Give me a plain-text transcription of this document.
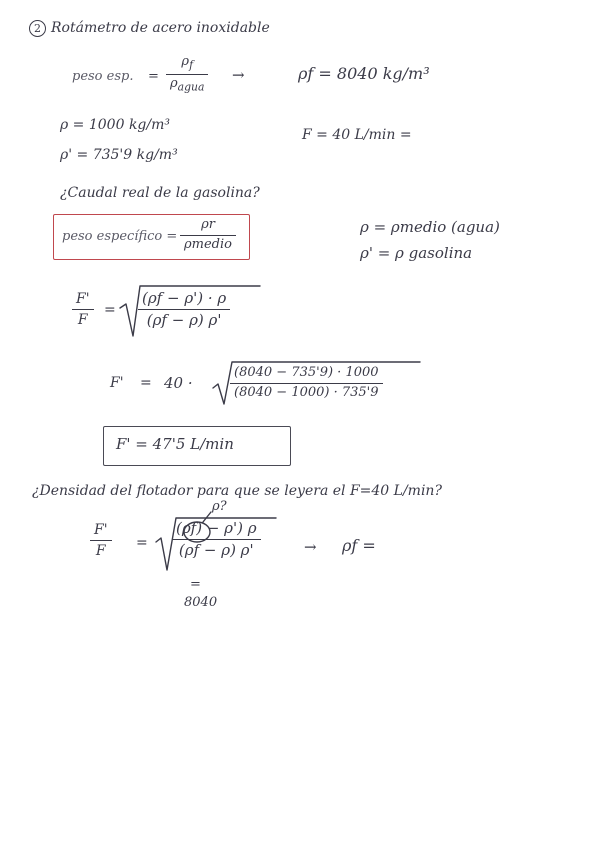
2 Rotámetro de acero inoxidable
peso esp. =
$\rho_f$
$\rho_{agua}$
→	ρf = 8040 kg/m³
ρ = 1000 kg/m³
ρ' = 735'9 kg/m³
F = 40 L/min =
¿Caudal real de la gasolina?
peso específico =
ρr
ρmedio
ρ = ρmedio (agua)
ρ' = ρ gasolina
F'
F
=
(ρf − ρ') · ρ
(ρf − ρ) ρ'
F' = 40 ·
(8040 − 735'9) · 1000
(8040 − 1000) · 735'9
F' = 47'5 L/min
¿Densidad del flotador para que se leyera el F=40 L/min?
F'
F
=
ρ?
(ρf) − ρ') ρ
(ρf − ρ) ρ'	→ ρf =
=
8040
